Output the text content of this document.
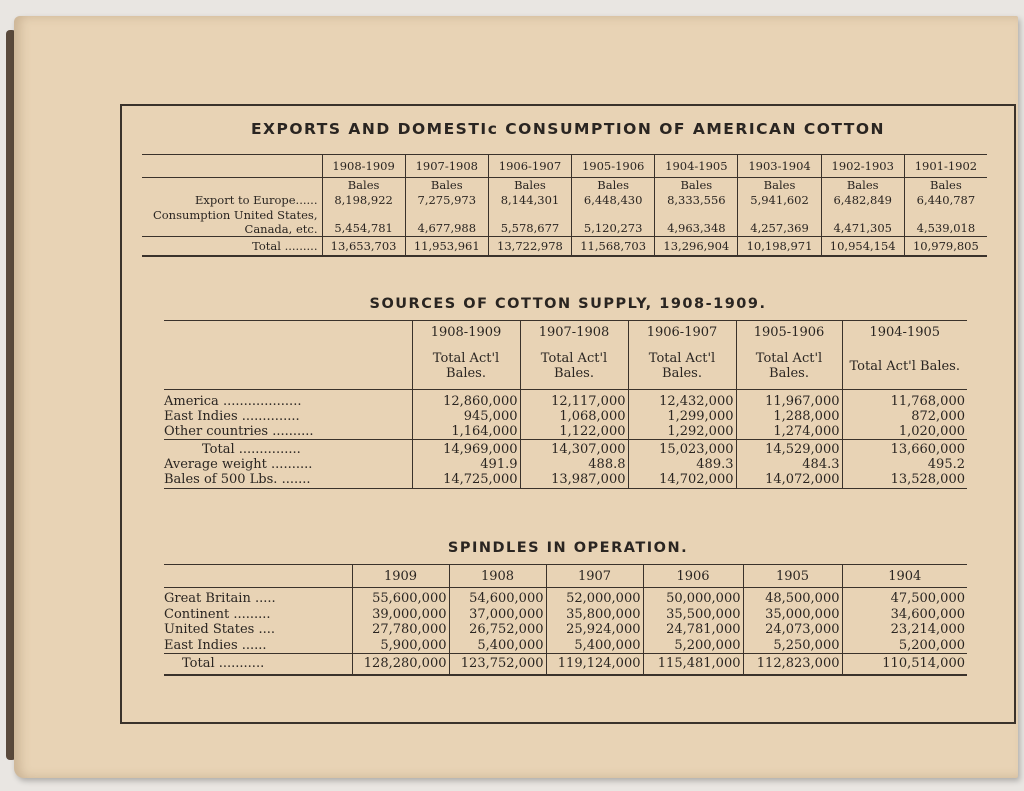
EXPORTS AND DOMESTIc CONSUMPTION OF AMERICAN COTTON
	1908-1909	1907-1908	1906-1907	1905-1906	1904-1905	1903-1904	1902-1903	1901-1902
	Bales	Bales	Bales	Bales	Bales	Bales	Bales	Bales
Export to Europe......	8,198,922	7,275,973	8,144,301	6,448,430	8,333,556	5,941,602	6,482,849	6,440,787
Consumption United States, Canada, etc.	5,454,781	4,677,988	5,578,677	5,120,273	4,963,348	4,257,369	4,471,305	4,539,018
Total .........	13,653,703	11,953,961	13,722,978	11,568,703	13,296,904	10,198,971	10,954,154	10,979,805
SOURCES OF COTTON SUPPLY, 1908-1909.
	1908-1909	1907-1908	1906-1907	1905-1906	1904-1905
	Total Act'l Bales.	Total Act'l Bales.	Total Act'l Bales.	Total Act'l Bales.	Total Act'l Bales.
America ...................	12,860,000	12,117,000	12,432,000	11,967,000	11,768,000
East Indies ..............	945,000	1,068,000	1,299,000	1,288,000	872,000
Other countries ..........	1,164,000	1,122,000	1,292,000	1,274,000	1,020,000
Total ...............	14,969,000	14,307,000	15,023,000	14,529,000	13,660,000
Average weight ..........	491.9	488.8	489.3	484.3	495.2
Bales of 500 Lbs. .......	14,725,000	13,987,000	14,702,000	14,072,000	13,528,000
SPINDLES IN OPERATION.
	1909	1908	1907	1906	1905	1904
Great Britain .....	55,600,000	54,600,000	52,000,000	50,000,000	48,500,000	47,500,000
Continent .........	39,000,000	37,000,000	35,800,000	35,500,000	35,000,000	34,600,000
United States ....	27,780,000	26,752,000	25,924,000	24,781,000	24,073,000	23,214,000
East Indies ......	5,900,000	5,400,000	5,400,000	5,200,000	5,250,000	5,200,000
Total ...........	128,280,000	123,752,000	119,124,000	115,481,000	112,823,000	110,514,000
